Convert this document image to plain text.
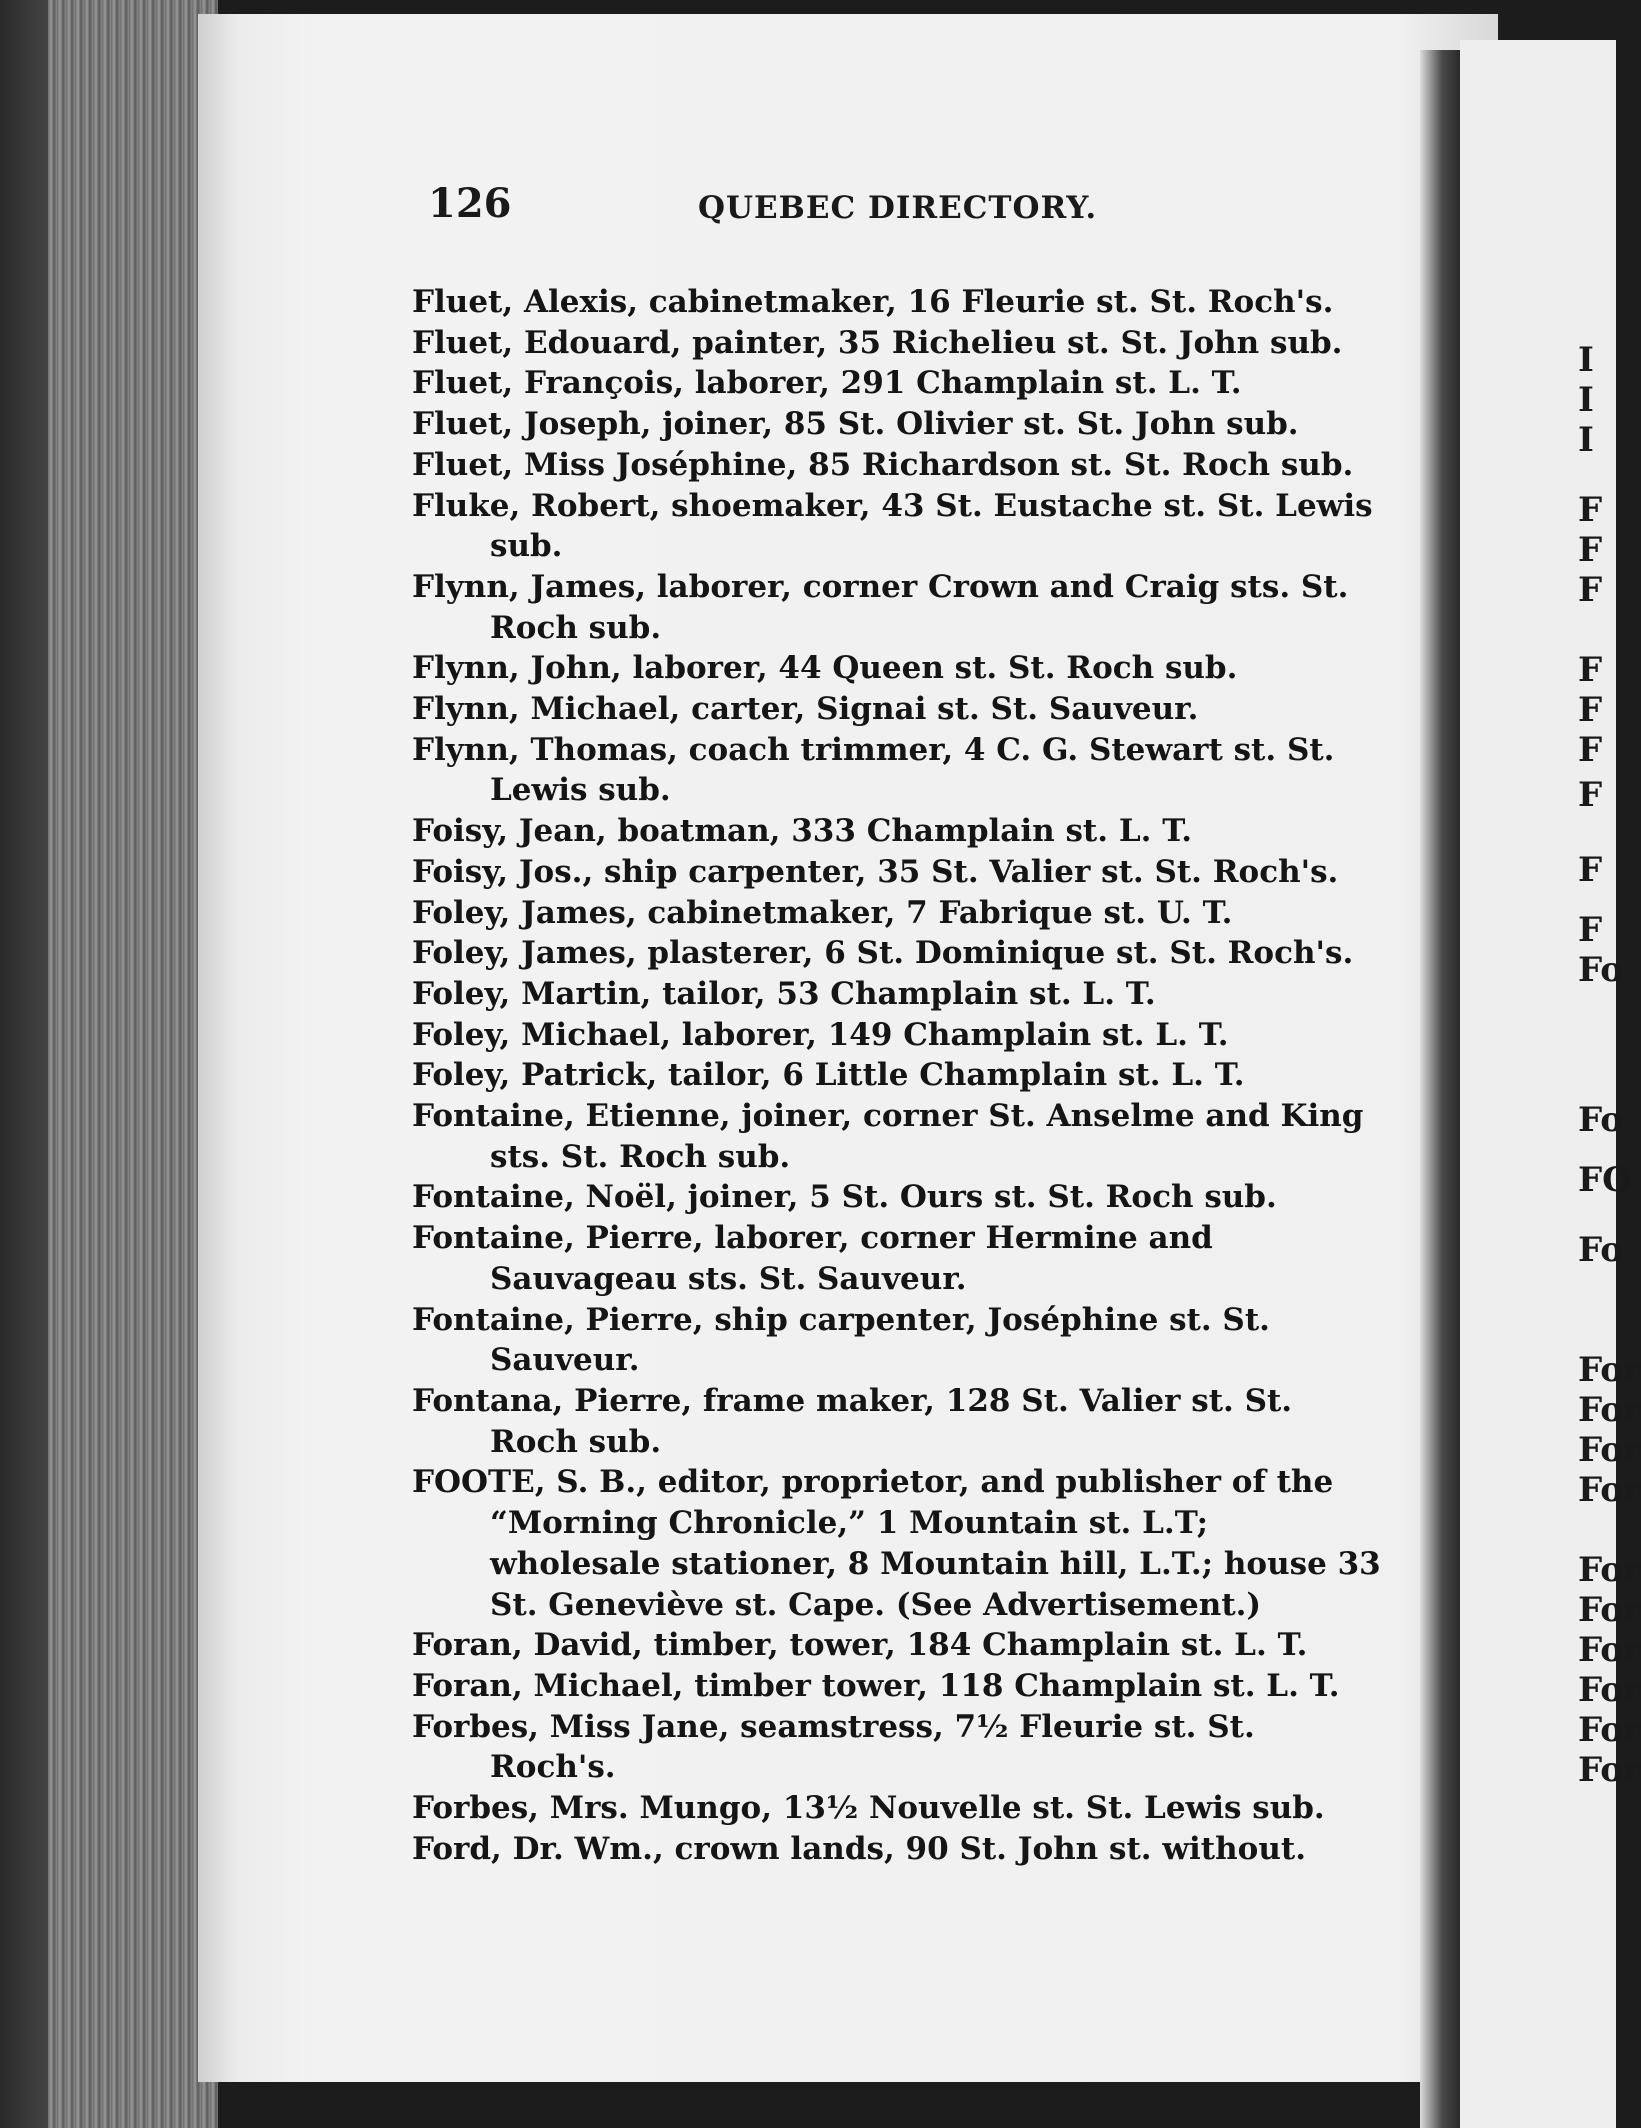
126	QUEBEC DIRECTORY.
Fluet, Alexis, cabinetmaker, 16 Fleurie st. St. Roch's.
Fluet, Edouard, painter, 35 Richelieu st. St. John sub.
Fluet, François, laborer, 291 Champlain st. L. T.
Fluet, Joseph, joiner, 85 St. Olivier st. St. John sub.
Fluet, Miss Joséphine, 85 Richardson st. St. Roch sub.
Fluke, Robert, shoemaker, 43 St. Eustache st. St. Lewis sub.
Flynn, James, laborer, corner Crown and Craig sts. St. Roch sub.
Flynn, John, laborer, 44 Queen st. St. Roch sub.
Flynn, Michael, carter, Signai st. St. Sauveur.
Flynn, Thomas, coach trimmer, 4 C. G. Stewart st. St. Lewis sub.
Foisy, Jean, boatman, 333 Champlain st. L. T.
Foisy, Jos., ship carpenter, 35 St. Valier st. St. Roch's.
Foley, James, cabinetmaker, 7 Fabrique st. U. T.
Foley, James, plasterer, 6 St. Dominique st. St. Roch's.
Foley, Martin, tailor, 53 Champlain st. L. T.
Foley, Michael, laborer, 149 Champlain st. L. T.
Foley, Patrick, tailor, 6 Little Champlain st. L. T.
Fontaine, Etienne, joiner, corner St. Anselme and King sts. St. Roch sub.
Fontaine, Noël, joiner, 5 St. Ours st. St. Roch sub.
Fontaine, Pierre, laborer, corner Hermine and Sauvageau sts. St. Sauveur.
Fontaine, Pierre, ship carpenter, Joséphine st. St. Sauveur.
Fontana, Pierre, frame maker, 128 St. Valier st. St. Roch sub.
FOOTE, S. B., editor, proprietor, and publisher of the “Morning Chronicle,” 1 Mountain st. L.T; wholesale stationer, 8 Mountain hill, L.T.; house 33 St. Geneviève st. Cape. (See Advertisement.)
Foran, David, timber, tower, 184 Champlain st. L. T.
Foran, Michael, timber tower, 118 Champlain st. L. T.
Forbes, Miss Jane, seamstress, 7½ Fleurie st. St. Roch's.
Forbes, Mrs. Mungo, 13½ Nouvelle st. St. Lewis sub.
Ford, Dr. Wm., crown lands, 90 St. John st. without.
I
I
I
F
F
F
F
F
F
F
F
F
Fo
Fo
FO
Fo
For
For
For
For
For
For
For
For
For
For
